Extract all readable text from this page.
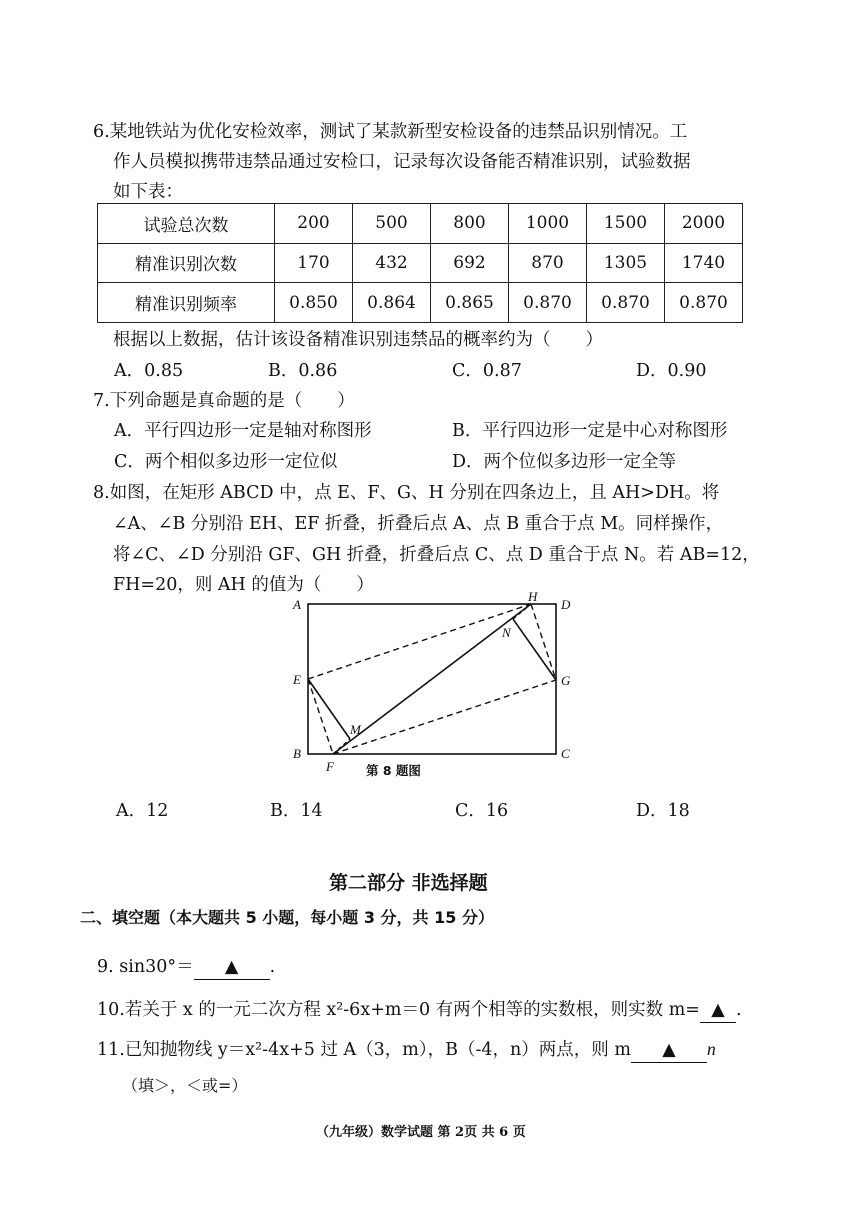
6.某地铁站为优化安检效率，测试了某款新型安检设备的违禁品识别情况。工
作人员模拟携带违禁品通过安检口，记录每次设备能否精准识别，试验数据
如下表：
试验总次数	200	500	800	1000	1500	2000
精准识别次数	170	432	692	870	1305	1740
精准识别频率	0.850	0.864	0.865	0.870	0.870	0.870
根据以上数据，估计该设备精准识别违禁品的概率约为（　　）
A．0.85	B．0.86	C．0.87	D．0.90
7.下列命题是真命题的是（　　）
A．平行四边形一定是轴对称图形	B．平行四边形一定是中心对称图形
C．两个相似多边形一定位似	D．两个位似多边形一定全等
8.如图，在矩形 ABCD 中，点 E、F、G、H 分别在四条边上，且 AH>DH。将
∠A、∠B 分别沿 EH、EF 折叠，折叠后点 A、点 B 重合于点 M。同样操作，
将∠C、∠D 分别沿 GF、GH 折叠，折叠后点 C、点 D 重合于点 N。若 AB=12，
FH=20，则 AH 的值为（　　）
A
B	C
D
E
F
G
H
M
N
第 8 题图
A．12	B．14	C．16	D．18
第二部分 非选择题
二、填空题（本大题共 5 小题，每小题 3 分，共 15 分）
9. sin30°＝ ▲ .
10.若关于 x 的一元二次方程 x²-6x+m＝0 有两个相等的实数根，则实数 m= ▲ .
11.已知抛物线 y＝x²-4x+5 过 A（3，m），B（-4，n）两点，则 m ▲ n
（填＞，＜或=）
（九年级）数学试题 第 2页 共 6 页
